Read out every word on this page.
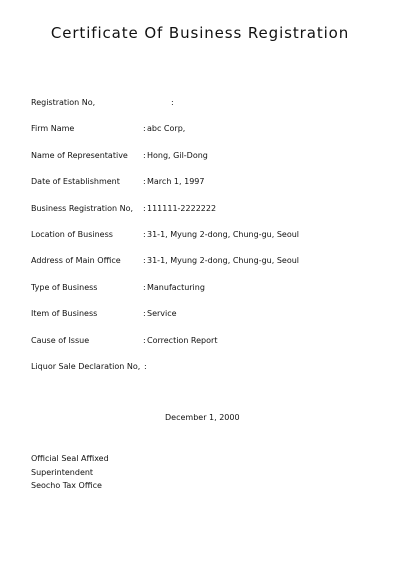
Certificate Of Business Registration
Registration No,	:
Firm Name	: abc Corp,
Name of Representative : Hong, Gil-Dong
Date of Establishment	: March 1, 1997
Business Registration No, : 111111-2222222
Location of Business	: 31-1, Myung 2-dong, Chung-gu, Seoul
Address of Main Office	: 31-1, Myung 2-dong, Chung-gu, Seoul
Type of Business	: Manufacturing
Item of Business	: Service
Cause of Issue	: Correction Report
Liquor Sale Declaration No, :
December 1, 2000
Official Seal Affixed
Superintendent
Seocho Tax Office
